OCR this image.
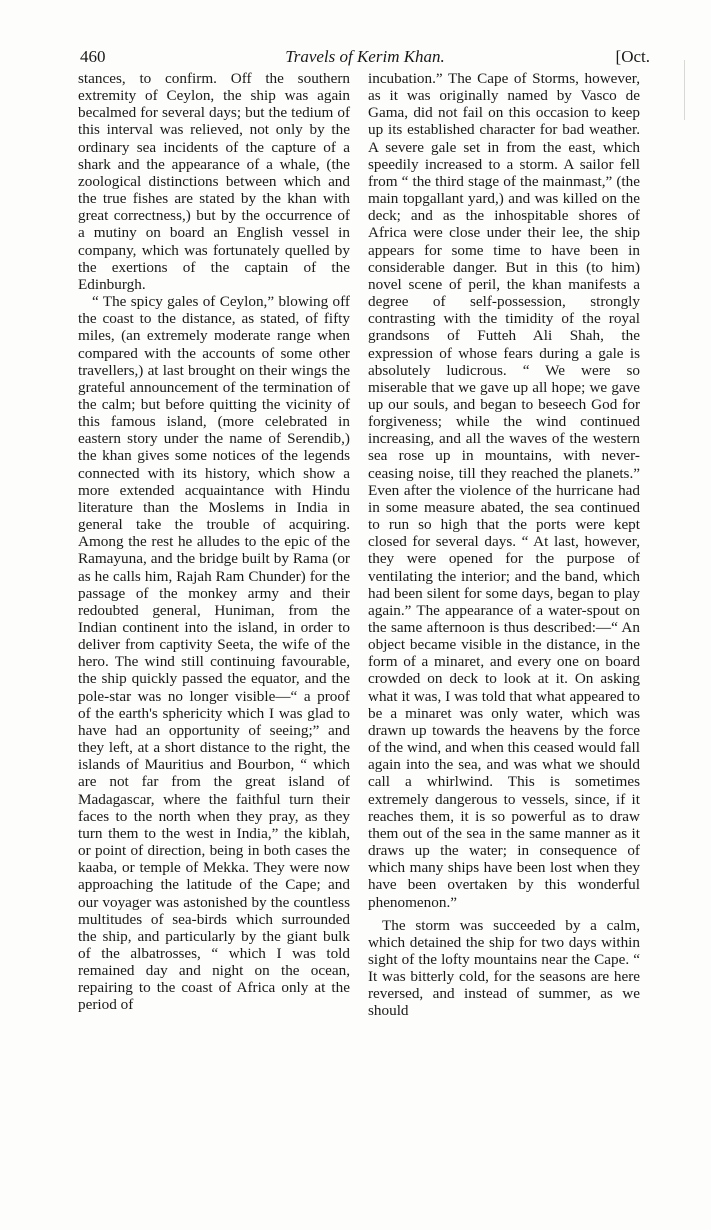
460	Travels of Kerim Khan.	[Oct.

stances, to confirm. Off the southern extremity of Ceylon, the ship was again becalmed for several days; but the tedium of this interval was relieved, not only by the ordinary sea incidents of the capture of a shark and the appearance of a whale, (the zoological distinctions between which and the true fishes are stated by the khan with great correctness,) but by the occurrence of a mutiny on board an English vessel in company, which was fortunately quelled by the exertions of the captain of the Edinburgh.

“ The spicy gales of Ceylon,” blowing off the coast to the distance, as stated, of fifty miles, (an extremely moderate range when compared with the accounts of some other travellers,) at last brought on their wings the grateful announcement of the termination of the calm; but before quitting the vicinity of this famous island, (more celebrated in eastern story under the name of Serendib,) the khan gives some notices of the legends connected with its history, which show a more extended acquaintance with Hindu literature than the Moslems in India in general take the trouble of acquiring. Among the rest he alludes to the epic of the Ramayuna, and the bridge built by Rama (or as he calls him, Rajah Ram Chunder) for the passage of the monkey army and their redoubted general, Huniman, from the Indian continent into the island, in order to deliver from captivity Seeta, the wife of the hero. The wind still continuing favourable, the ship quickly passed the equator, and the pole-star was no longer visible—“ a proof of the earth's sphericity which I was glad to have had an opportunity of seeing;” and they left, at a short distance to the right, the islands of Mauritius and Bourbon, “ which are not far from the great island of Madagascar, where the faithful turn their faces to the north when they pray, as they turn them to the west in India,” the kiblah, or point of direction, being in both cases the kaaba, or temple of Mekka. They were now approaching the latitude of the Cape; and our voyager was astonished by the countless multitudes of sea-birds which surrounded the ship, and particularly by the giant bulk of the albatrosses, “ which I was told remained day and night on the ocean, repairing to the coast of Africa only at the period of

incubation.” The Cape of Storms, however, as it was originally named by Vasco de Gama, did not fail on this occasion to keep up its established character for bad weather. A severe gale set in from the east, which speedily increased to a storm. A sailor fell from “ the third stage of the mainmast,” (the main topgallant yard,) and was killed on the deck; and as the inhospitable shores of Africa were close under their lee, the ship appears for some time to have been in considerable danger. But in this (to him) novel scene of peril, the khan manifests a degree of self-possession, strongly contrasting with the timidity of the royal grandsons of Futteh Ali Shah, the expression of whose fears during a gale is absolutely ludicrous. “ We were so miserable that we gave up all hope; we gave up our souls, and began to beseech God for forgiveness; while the wind continued increasing, and all the waves of the western sea rose up in mountains, with never-ceasing noise, till they reached the planets.” Even after the violence of the hurricane had in some measure abated, the sea continued to run so high that the ports were kept closed for several days. “ At last, however, they were opened for the purpose of ventilating the interior; and the band, which had been silent for some days, began to play again.” The appearance of a water-spout on the same afternoon is thus described:—“ An object became visible in the distance, in the form of a minaret, and every one on board crowded on deck to look at it. On asking what it was, I was told that what appeared to be a minaret was only water, which was drawn up towards the heavens by the force of the wind, and when this ceased would fall again into the sea, and was what we should call a whirlwind. This is sometimes extremely dangerous to vessels, since, if it reaches them, it is so powerful as to draw them out of the sea in the same manner as it draws up the water; in consequence of which many ships have been lost when they have been overtaken by this wonderful phenomenon.”

The storm was succeeded by a calm, which detained the ship for two days within sight of the lofty mountains near the Cape. “ It was bitterly cold, for the seasons are here reversed, and instead of summer, as we should
